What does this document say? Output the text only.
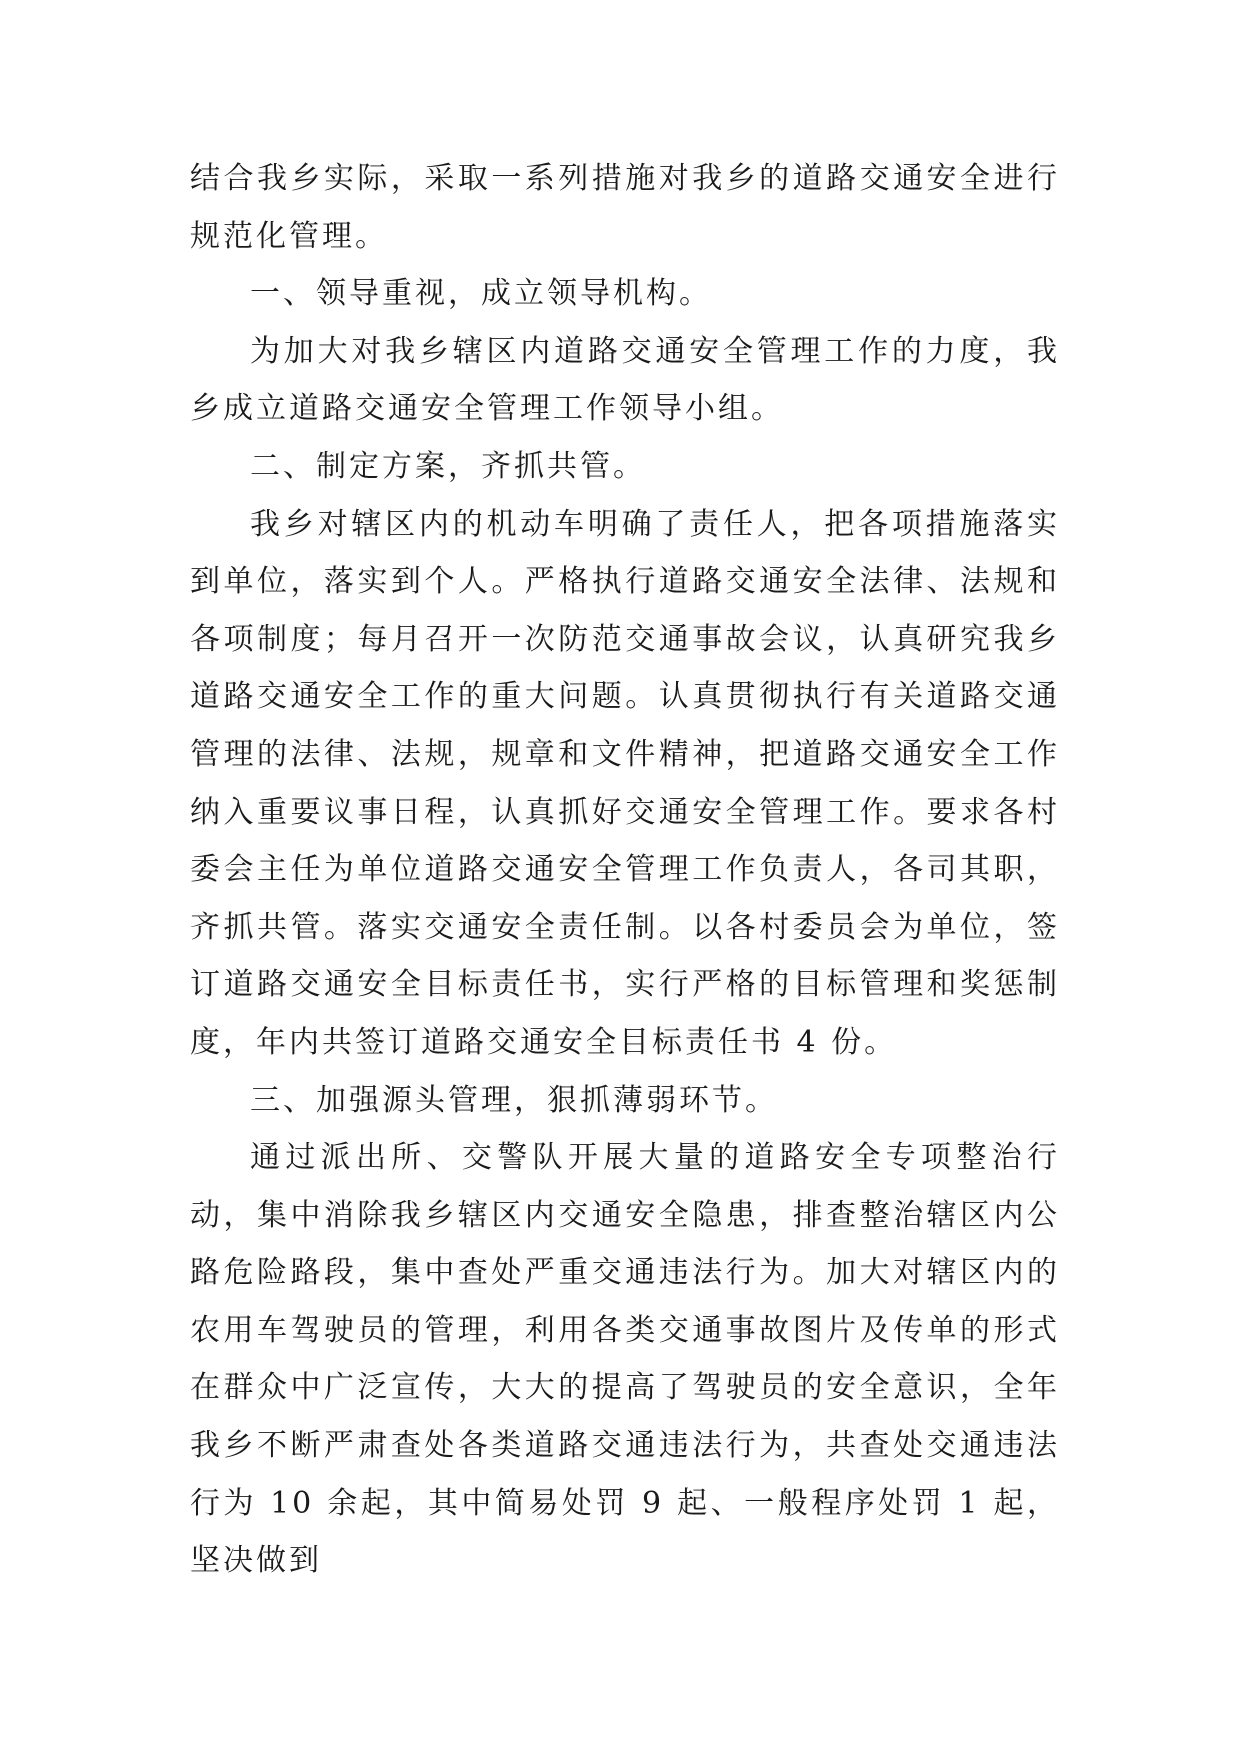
结合我乡实际，采取一系列措施对我乡的道路交通安全进行规范化管理。

一、领导重视，成立领导机构。

为加大对我乡辖区内道路交通安全管理工作的力度，我乡成立道路交通安全管理工作领导小组。

二、制定方案，齐抓共管。

我乡对辖区内的机动车明确了责任人，把各项措施落实到单位，落实到个人。严格执行道路交通安全法律、法规和各项制度；每月召开一次防范交通事故会议，认真研究我乡道路交通安全工作的重大问题。认真贯彻执行有关道路交通管理的法律、法规，规章和文件精神，把道路交通安全工作纳入重要议事日程，认真抓好交通安全管理工作。要求各村委会主任为单位道路交通安全管理工作负责人，各司其职，齐抓共管。落实交通安全责任制。以各村委员会为单位，签订道路交通安全目标责任书，实行严格的目标管理和奖惩制度，年内共签订道路交通安全目标责任书 4 份。

三、加强源头管理，狠抓薄弱环节。

通过派出所、交警队开展大量的道路安全专项整治行动，集中消除我乡辖区内交通安全隐患，排查整治辖区内公路危险路段，集中查处严重交通违法行为。加大对辖区内的农用车驾驶员的管理，利用各类交通事故图片及传单的形式在群众中广泛宣传，大大的提高了驾驶员的安全意识，全年我乡不断严肃查处各类道路交通违法行为，共查处交通违法行为 10 余起，其中简易处罚 9 起、一般程序处罚 1 起，坚决做到
